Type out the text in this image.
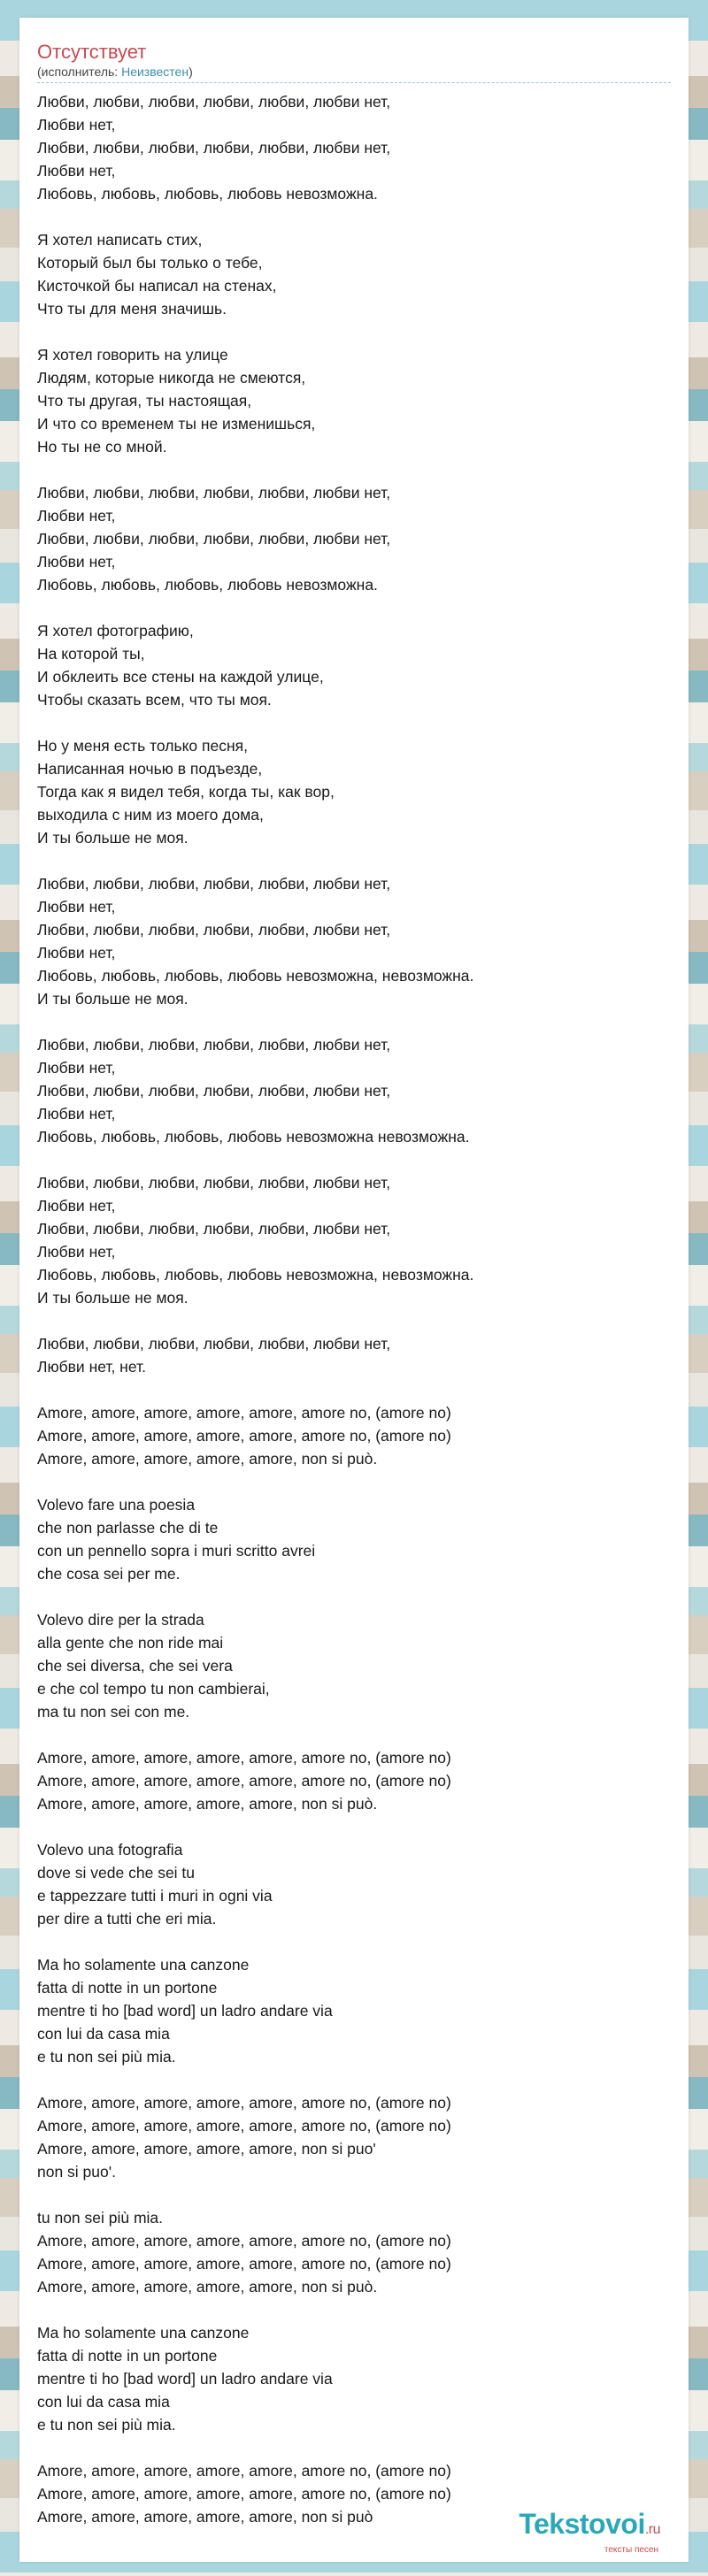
Отсутствует
(исполнитель: Неизвестен)
Любви, любви, любви, любви, любви, любви нет,
Любви нет,
Любви, любви, любви, любви, любви, любви нет,
Любви нет,
Любовь, любовь, любовь, любовь невозможна.
Я хотел написать стих,
Который был бы только о тебе,
Кисточкой бы написал на стенах,
Что ты для меня значишь.
Я хотел говорить на улице
Людям, которые никогда не смеются,
Что ты другая, ты настоящая,
И что со временем ты не изменишься,
Но ты не со мной.
Любви, любви, любви, любви, любви, любви нет,
Любви нет,
Любви, любви, любви, любви, любви, любви нет,
Любви нет,
Любовь, любовь, любовь, любовь невозможна.
Я хотел фотографию,
На которой ты,
И обклеить все стены на каждой улице,
Чтобы сказать всем, что ты моя.
Но у меня есть только песня,
Написанная ночью в подъезде,
Тогда как я видел тебя, когда ты, как вор,
выходила с ним из моего дома,
И ты больше не моя.
Любви, любви, любви, любви, любви, любви нет,
Любви нет,
Любви, любви, любви, любви, любви, любви нет,
Любви нет,
Любовь, любовь, любовь, любовь невозможна, невозможна.
И ты больше не моя.
Любви, любви, любви, любви, любви, любви нет,
Любви нет,
Любви, любви, любви, любви, любви, любви нет,
Любви нет,
Любовь, любовь, любовь, любовь невозможна невозможна.
Любви, любви, любви, любви, любви, любви нет,
Любви нет,
Любви, любви, любви, любви, любви, любви нет,
Любви нет,
Любовь, любовь, любовь, любовь невозможна, невозможна.
И ты больше не моя.
Любви, любви, любви, любви, любви, любви нет,
Любви нет, нет.
Amore, amore, amore, amore, amore, amore no, (amore no)
Amore, amore, amore, amore, amore, amore no, (amore no)
Amore, amore, amore, amore, amore, non si può.
Volevo fare una poesia
che non parlasse che di te
con un pennello sopra i muri scritto avrei
che cosa sei per me.
Volevo dire per la strada
alla gente che non ride mai
che sei diversa, che sei vera
e che col tempo tu non cambierai,
ma tu non sei con me.
Amore, amore, amore, amore, amore, amore no, (amore no)
Amore, amore, amore, amore, amore, amore no, (amore no)
Amore, amore, amore, amore, amore, non si può.
Volevo una fotografia
dove si vede che sei tu
e tappezzare tutti i muri in ogni via
per dire a tutti che eri mia.
Ma ho solamente una canzone
fatta di notte in un portone
mentre ti ho [bad word] un ladro andare via
con lui da casa mia
e tu non sei più mia.
Amore, amore, amore, amore, amore, amore no, (amore no)
Amore, amore, amore, amore, amore, amore no, (amore no)
Amore, amore, amore, amore, amore, non si puo'
non si puo'.
tu non sei più mia.
Amore, amore, amore, amore, amore, amore no, (amore no)
Amore, amore, amore, amore, amore, amore no, (amore no)
Amore, amore, amore, amore, amore, non si può.
Ma ho solamente una canzone
fatta di notte in un portone
mentre ti ho [bad word] un ladro andare via
con lui da casa mia
e tu non sei più mia.
Amore, amore, amore, amore, amore, amore no, (amore no)
Amore, amore, amore, amore, amore, amore no, (amore no)
Amore, amore, amore, amore, amore, non si può	Tekstovoi.ru
тексты песен
